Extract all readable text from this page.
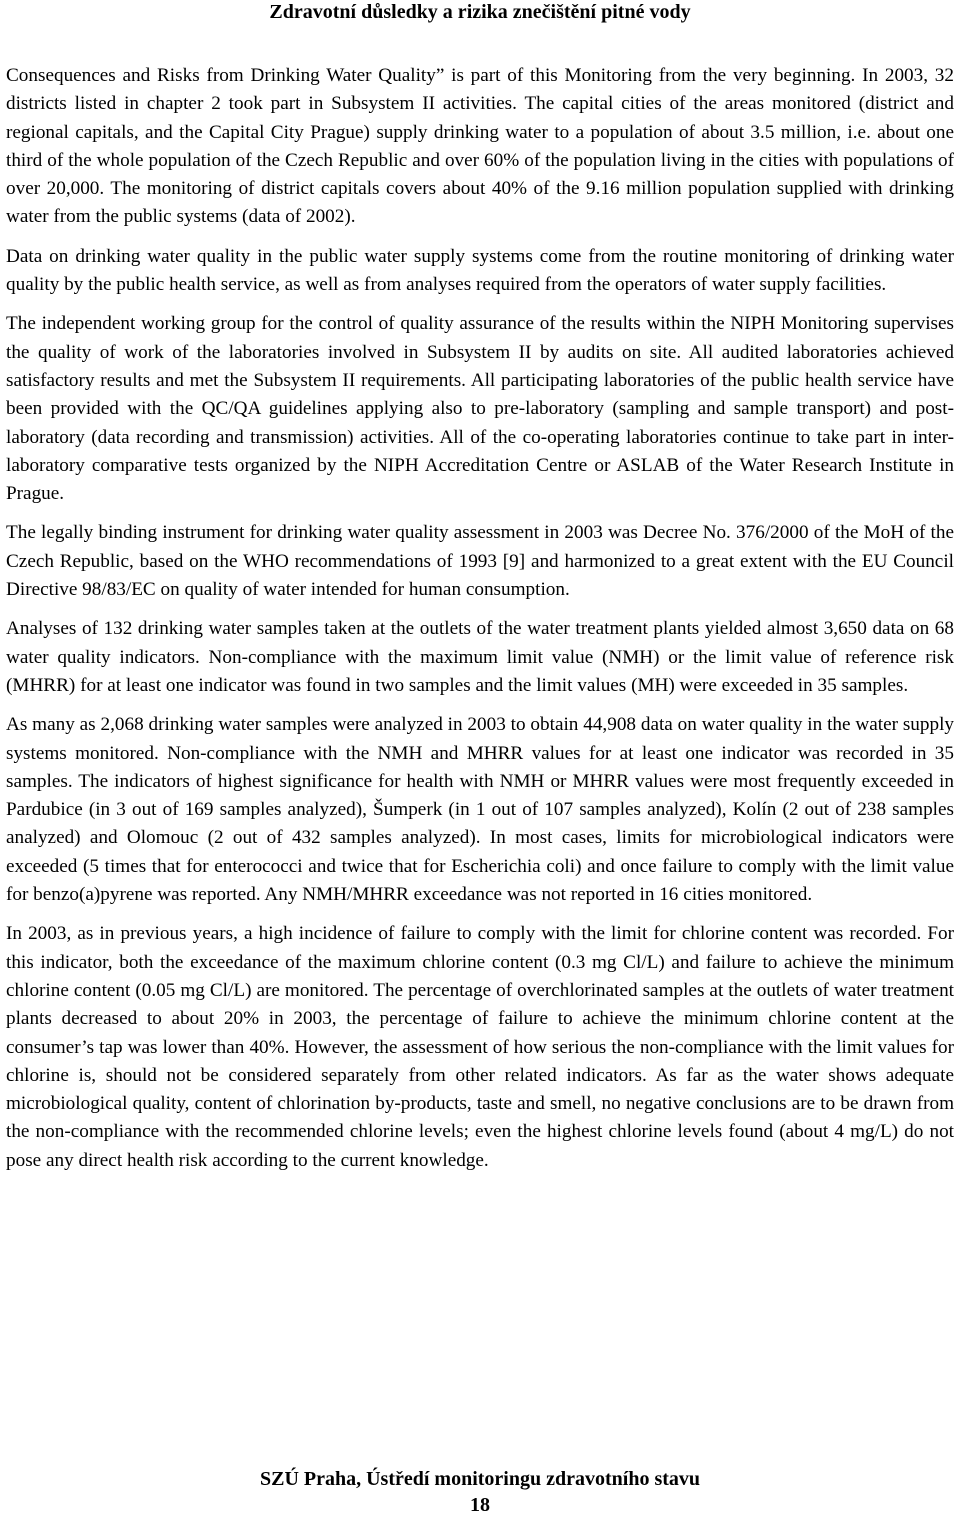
Zdravotní důsledky a rizika znečištění pitné vody

Consequences and Risks from Drinking Water Quality” is part of this Monitoring from the very beginning. In 2003, 32 districts listed in chapter 2 took part in Subsystem II activities. The capital cities of the areas monitored (district and regional capitals, and the Capital City Prague) supply drinking water to a population of about 3.5 million, i.e. about one third of the whole population of the Czech Republic and over 60% of the population living in the cities with populations of over 20,000. The monitoring of district capitals covers about 40% of the 9.16 million population supplied with drinking water from the public systems (data of 2002).

Data on drinking water quality in the public water supply systems come from the routine monitoring of drinking water quality by the public health service, as well as from analyses required from the operators of water supply facilities.

The independent working group for the control of quality assurance of the results within the NIPH Monitoring supervises the quality of work of the laboratories involved in Subsystem II by audits on site. All audited laboratories achieved satisfactory results and met the Subsystem II requirements. All participating laboratories of the public health service have been provided with the QC/QA guidelines applying also to pre-laboratory (sampling and sample transport) and post-laboratory (data recording and transmission) activities. All of the co-operating laboratories continue to take part in inter-laboratory comparative tests organized by the NIPH Accreditation Centre or ASLAB of the Water Research Institute in Prague.

The legally binding instrument for drinking water quality assessment in 2003 was Decree No. 376/2000 of the MoH of the Czech Republic, based on the WHO recommendations of 1993 [9] and harmonized to a great extent with the EU Council Directive 98/83/EC on quality of water intended for human consumption.

Analyses of 132 drinking water samples taken at the outlets of the water treatment plants yielded almost 3,650 data on 68 water quality indicators. Non-compliance with the maximum limit value (NMH) or the limit value of reference risk (MHRR) for at least one indicator was found in two samples and the limit values (MH) were exceeded in 35 samples.

As many as 2,068 drinking water samples were analyzed in 2003 to obtain 44,908 data on water quality in the water supply systems monitored. Non-compliance with the NMH and MHRR values for at least one indicator was recorded in 35 samples. The indicators of highest significance for health with NMH or MHRR values were most frequently exceeded in Pardubice (in 3 out of 169 samples analyzed), Šumperk (in 1 out of 107 samples analyzed), Kolín (2 out of 238 samples analyzed) and Olomouc (2 out of 432 samples analyzed). In most cases, limits for microbiological indicators were exceeded (5 times that for enterococci and twice that for Escherichia coli) and once failure to comply with the limit value for benzo(a)pyrene was reported. Any NMH/MHRR exceedance was not reported in 16 cities monitored.

In 2003, as in previous years, a high incidence of failure to comply with the limit for chlorine content was recorded. For this indicator, both the exceedance of the maximum chlorine content (0.3 mg Cl/L) and failure to achieve the minimum chlorine content (0.05 mg Cl/L) are monitored. The percentage of overchlorinated samples at the outlets of water treatment plants decreased to about 20% in 2003, the percentage of failure to achieve the minimum chlorine content at the consumer’s tap was lower than 40%. However, the assessment of how serious the non-compliance with the limit values for chlorine is, should not be considered separately from other related indicators. As far as the water shows adequate microbiological quality, content of chlorination by-products, taste and smell, no negative conclusions are to be drawn from the non-compliance with the recommended chlorine levels; even the highest chlorine levels found (about 4 mg/L) do not pose any direct health risk according to the current knowledge.

SZÚ Praha, Ústředí monitoringu zdravotního stavu
18
